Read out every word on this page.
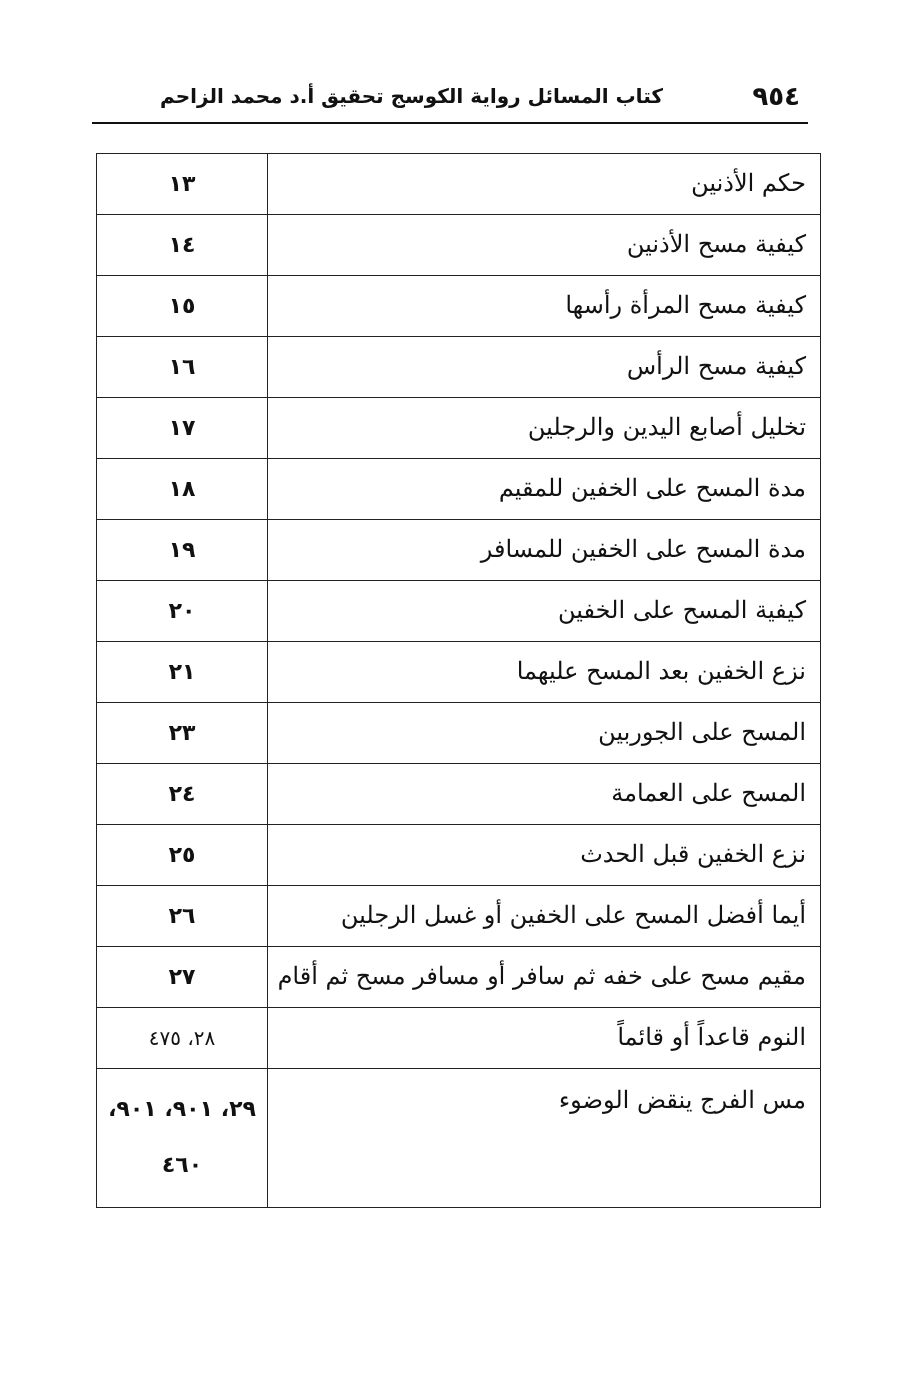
٩٥٤
كتاب المسائل رواية الكوسج تحقيق أ.د محمد الزاحم
حكم الأذنين	١٣
كيفية مسح الأذنين	١٤
كيفية مسح المرأة رأسها	١٥
كيفية مسح الرأس	١٦
تخليل أصابع اليدين والرجلين	١٧
مدة المسح على الخفين للمقيم	١٨
مدة المسح على الخفين للمسافر	١٩
كيفية المسح على الخفين	٢٠
نزع الخفين بعد المسح عليهما	٢١
المسح على الجوربين	٢٣
المسح على العمامة	٢٤
نزع الخفين قبل الحدث	٢٥
أيما أفضل المسح على الخفين أو غسل الرجلين	٢٦
مقيم مسح على خفه ثم سافر أو مسافر مسح ثم أقام	٢٧
النوم قاعداً أو قائماً	٢٨، ٤٧٥
مس الفرج ينقض الوضوء	٢٩، ٩٠١، ٩٠١،
٤٦٠
